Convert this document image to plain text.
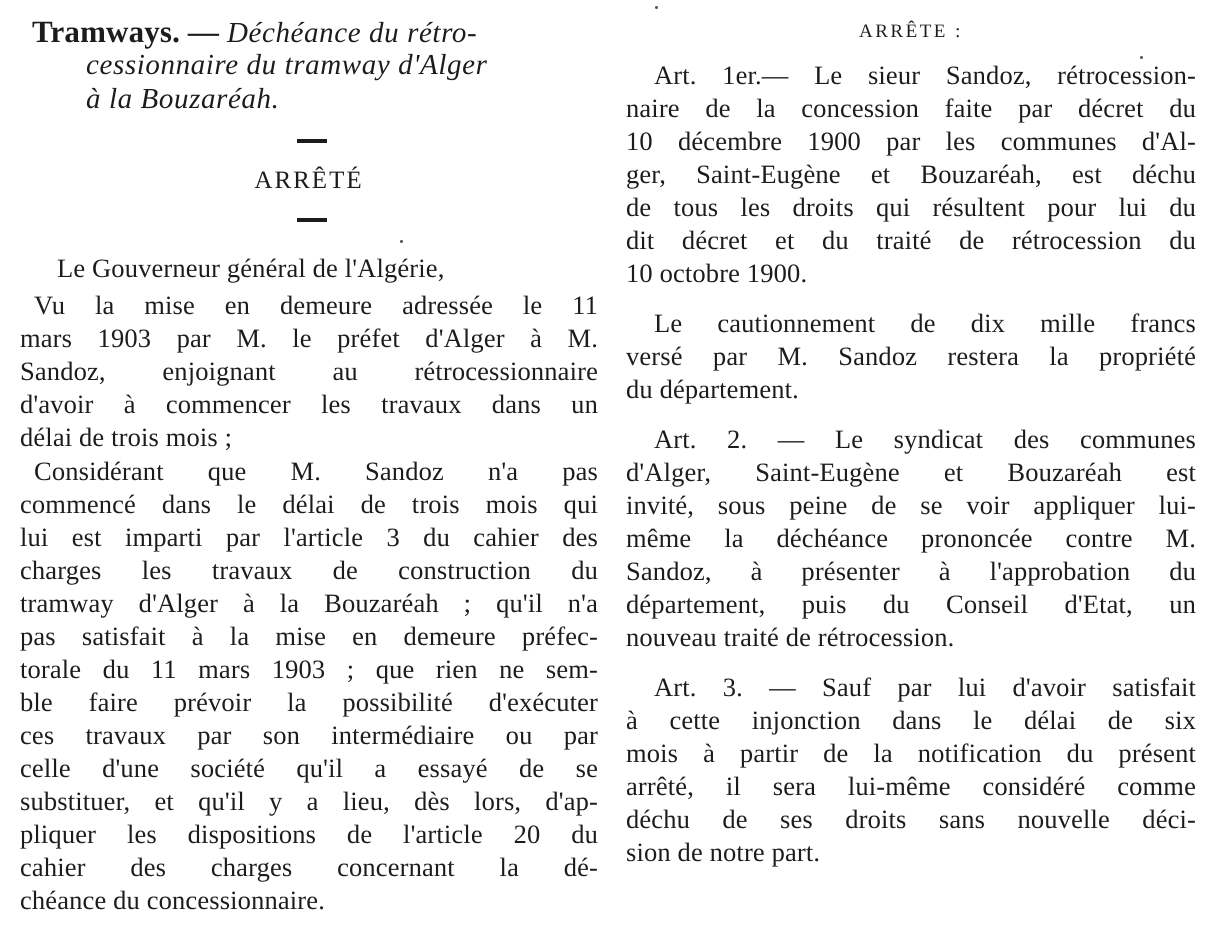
Tramways. — Déchéance du rétro-
cessionnaire du tramway d'Alger
à la Bouzaréah.
ARRÊTÉ
Le Gouverneur général de l'Algérie,
Vu la mise en demeure adressée le 11
mars 1903 par M. le préfet d'Alger à M.
Sandoz, enjoignant au rétrocessionnaire
d'avoir à commencer les travaux dans un
délai de trois mois ;
Considérant que M. Sandoz n'a pas
commencé dans le délai de trois mois qui
lui est imparti par l'article 3 du cahier des
charges les travaux de construction du
tramway d'Alger à la Bouzaréah ; qu'il n'a
pas satisfait à la mise en demeure préfec-
torale du 11 mars 1903 ; que rien ne sem-
ble faire prévoir la possibilité d'exécuter
ces travaux par son intermédiaire ou par
celle d'une société qu'il a essayé de se
substituer, et qu'il y a lieu, dès lors, d'ap-
pliquer les dispositions de l'article 20 du
cahier des charges concernant la dé-
chéance du concessionnaire.
ARRÊTE :
Art. 1er.— Le sieur Sandoz, rétrocession-
naire de la concession faite par décret du
10 décembre 1900 par les communes d'Al-
ger, Saint-Eugène et Bouzaréah, est déchu
de tous les droits qui résultent pour lui du
dit décret et du traité de rétrocession du
10 octobre 1900.
Le cautionnement de dix mille francs
versé par M. Sandoz restera la propriété
du département.
Art. 2. — Le syndicat des communes
d'Alger, Saint-Eugène et Bouzaréah est
invité, sous peine de se voir appliquer lui-
même la déchéance prononcée contre M.
Sandoz, à présenter à l'approbation du
département, puis du Conseil d'Etat, un
nouveau traité de rétrocession.
Art. 3. — Sauf par lui d'avoir satisfait
à cette injonction dans le délai de six
mois à partir de la notification du présent
arrêté, il sera lui-même considéré comme
déchu de ses droits sans nouvelle déci-
sion de notre part.
